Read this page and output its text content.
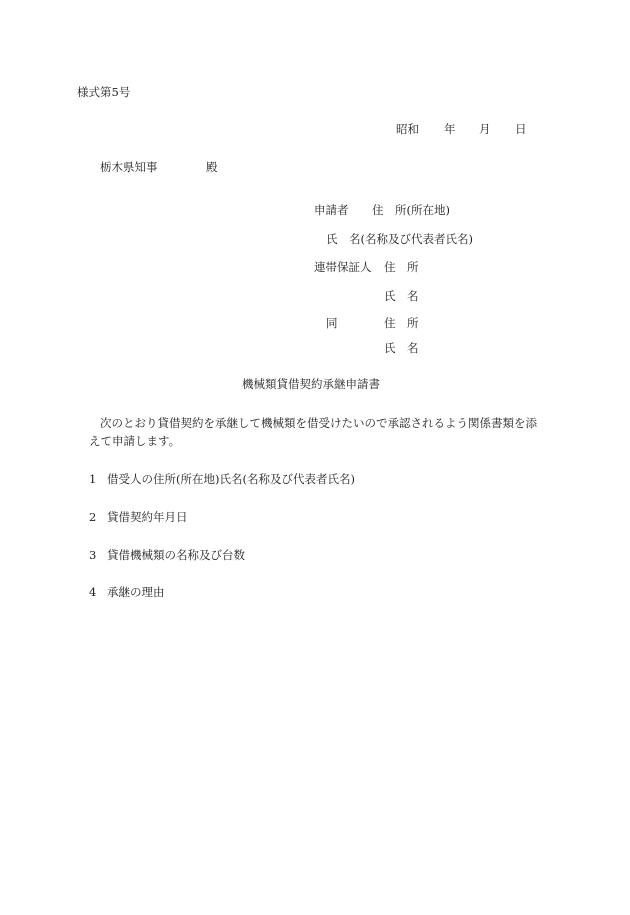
様式第5号
昭和 年 月 日
栃木県知事	殿
申請者 住　所(所在地)
氏　名(名称及び代表者氏名)
連帯保証人 住　所
氏　名
同	住　所
氏　名
機械類貸借契約承継申請書
次のとおり貸借契約を承継して機械類を借受けたいので承認されるよう関係書類を添
えて申請します。
1 借受人の住所(所在地)氏名(名称及び代表者氏名)
2 貸借契約年月日
3 貸借機械類の名称及び台数
4 承継の理由
